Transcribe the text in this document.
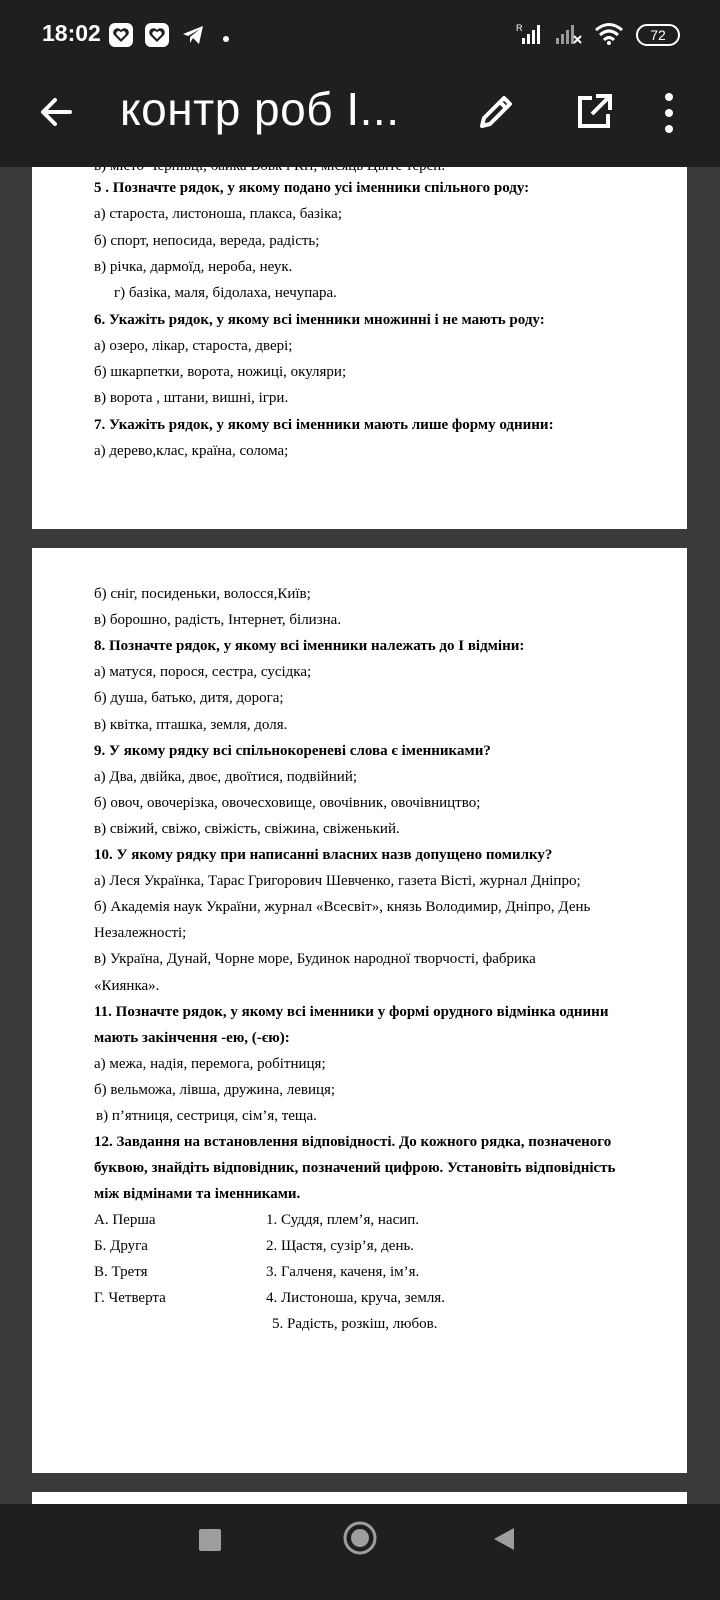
18:02	R	72
контр роб І...
5 . Позначте рядок, у якому подано усі іменники спільного роду:
а) староста, листоноша, плакса, базіка;
б) спорт, непосида, вереда, радість;
в) річка, дармоїд, нероба, неук.
г) базіка, маля, бідолаха, нечупара.
6. Укажіть рядок, у якому всі іменники множинні і не мають роду:
а) озеро, лікар, староста, двері;
б) шкарпетки, ворота, ножиці, окуляри;
в) ворота , штани, вишні, ігри.
7. Укажіть рядок, у якому всі іменники мають лише форму однини:
а) дерево,клас, країна, солома;
б) сніг, посиденьки, волосся,Київ;
в) борошно, радість, Інтернет, білизна.
8. Позначте рядок, у якому всі іменники належать до І відміни:
а) матуся, порося, сестра, сусідка;
б) душа, батько, дитя, дорога;
в) квітка, пташка, земля, доля.
9. У якому рядку всі спільнокореневі слова є іменниками?
а) Два, двійка, двоє, двоїтися, подвійний;
б) овоч, овочерізка, овочесховище, овочівник, овочівництво;
в) свіжий, свіжо, свіжість, свіжина, свіженький.
10. У якому рядку при написанні власних назв допущено помилку?
а) Леся Українка, Тарас Григорович Шевченко, газета Вісті, журнал Дніпро;
б) Академія наук України, журнал «Всесвіт», князь Володимир, Дніпро, День
Незалежності;
в) Україна, Дунай, Чорне море, Будинок народної творчості, фабрика
«Киянка».
11. Позначте рядок, у якому всі іменники у формі орудного відмінка однини
мають закінчення -ею, (-єю):
а) межа, надія, перемога, робітниця;
б) вельможа, лівша, дружина, левиця;
в) п’ятниця, сестриця, сім’я, теща.
12. Завдання на встановлення відповідності. До кожного рядка, позначеного
буквою, знайдіть відповідник, позначений цифрою. Установіть відповідність
між відмінами та іменниками.
А. Перша
Б. Друга
В. Третя
Г. Четверта
1. Суддя, плем’я, насип.
2. Щастя, сузір’я, день.
3. Галченя, каченя, ім’я.
4. Листоноша, круча, земля.
5. Радість, розкіш, любов.
